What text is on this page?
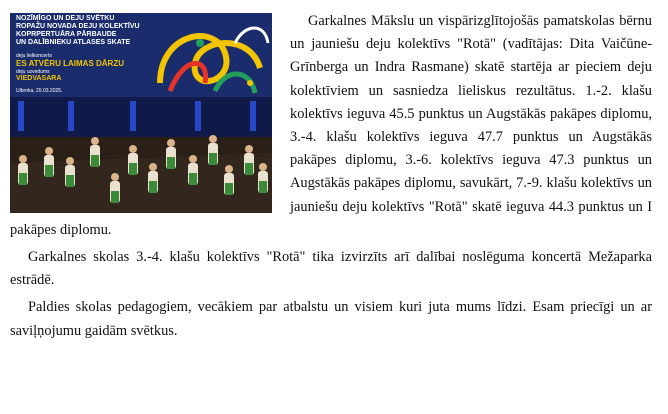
NOZĪMĪGO UN DEJU SVĒTKU
ROPAŽU NOVADA DEJU KOLEKTĪVU
KOPRPERTUĀRA PĀRBAUDE
UN DALĪBNIEKU ATLASES SKATE
deju lielkoncerts
ES ATVĒRU LAIMAS DĀRZU
deju uzvedums
VIEDVASARA
Ulbroka, 20.03.2025.

Garkalnes Mākslu un vispārizglītojošās pamatskolas bērnu un jauniešu deju kolektīvs "Rotā" (vadītājas: Dita Vaičūne-Grīnberga un Indra Rasmane) skatē startēja ar pieciem deju kolektīviem un sasniedza lieliskus rezultātus. 1.-2. klašu kolektīvs ieguva 45.5 punktus un Augstākās pakāpes diplomu, 3.-4. klašu kolektīvs ieguva 47.7 punktus un Augstākās pakāpes diplomu, 3.-6. kolektīvs ieguva 47.3 punktus un Augstākās pakāpes diplomu, savukārt, 7.-9. klašu kolektīvs un jauniešu deju kolektīvs "Rotā" skatē ieguva 44.3 punktus un I pakāpes diplomu.

Garkalnes skolas 3.-4. klašu kolektīvs "Rotā" tika izvirzīts arī dalībai noslēguma koncertā Mežaparka estrādē.

Paldies skolas pedagogiem, vecākiem par atbalstu un visiem kuri juta mums līdzi. Esam priecīgi un ar saviļņojumu gaidām svētkus.
